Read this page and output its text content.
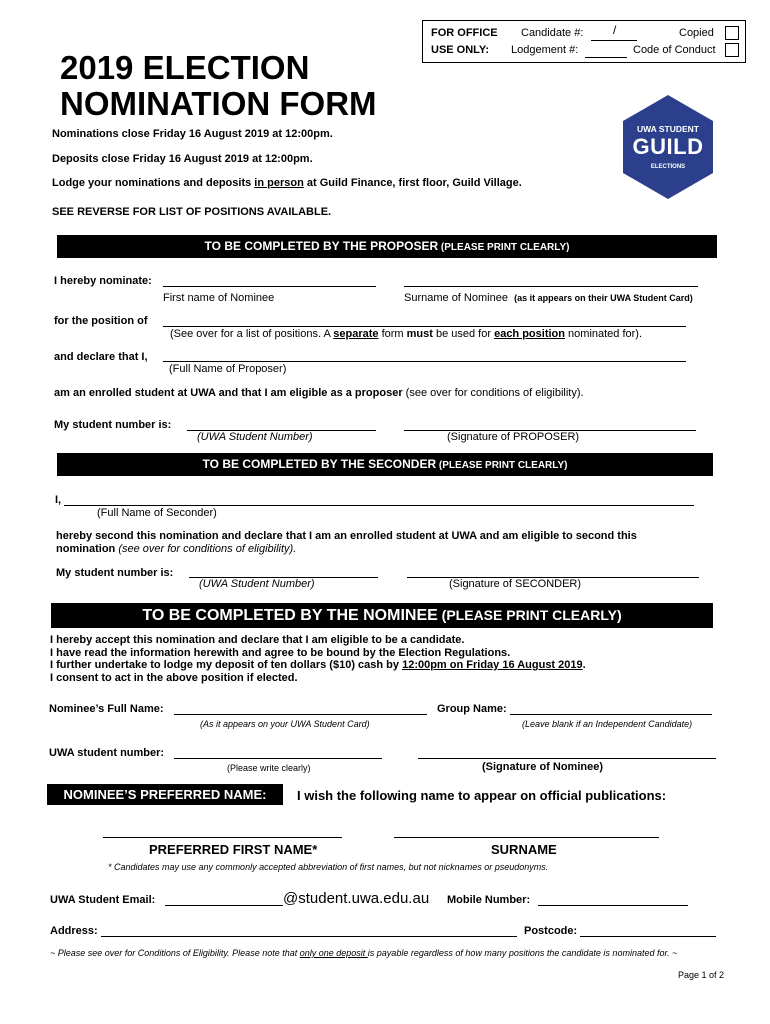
FOR OFFICE
USE ONLY:
Candidate #: /	Copied
Lodgement #:	Code of Conduct
2019 ELECTION
NOMINATION FORM
UWA STUDENT
GUILD
ELECTIONS
Nominations close Friday 16 August 2019 at 12:00pm.
Deposits close Friday 16 August 2019 at 12:00pm.
Lodge your nominations and deposits in person at Guild Finance, first floor, Guild Village.
SEE REVERSE FOR LIST OF POSITIONS AVAILABLE.
TO BE COMPLETED BY THE PROPOSER (PLEASE PRINT CLEARLY)
I hereby nominate:
First name of Nominee	Surname of Nominee (as it appears on their UWA Student Card)
for the position of
(See over for a list of positions. A separate form must be used for each position nominated for).
and declare that I,
(Full Name of Proposer)
am an enrolled student at UWA and that I am eligible as a proposer (see over for conditions of eligibility).
My student number is:
(UWA Student Number)	(Signature of PROPOSER)
TO BE COMPLETED BY THE SECONDER (PLEASE PRINT CLEARLY)
I,
(Full Name of Seconder)
hereby second this nomination and declare that I am an enrolled student at UWA and am eligible to second this
nomination (see over for conditions of eligibility).
My student number is:
(UWA Student Number)	(Signature of SECONDER)
TO BE COMPLETED BY THE NOMINEE (PLEASE PRINT CLEARLY)
I hereby accept this nomination and declare that I am eligible to be a candidate.
I have read the information herewith and agree to be bound by the Election Regulations.
I further undertake to lodge my deposit of ten dollars ($10) cash by 12:00pm on Friday 16 August 2019.
I consent to act in the above position if elected.
Nominee’s Full Name:	Group Name:
(As it appears on your UWA Student Card)	(Leave blank if an Independent Candidate)
UWA student number:
(Please write clearly)	(Signature of Nominee)
NOMINEE’S PREFERRED NAME:	I wish the following name to appear on official publications:
PREFERRED FIRST NAME*	SURNAME
* Candidates may use any commonly accepted abbreviation of first names, but not nicknames or pseudonyms.
UWA Student Email:	@student.uwa.edu.au Mobile Number:
Address:	Postcode:
~ Please see over for Conditions of Eligibility. Please note that only one deposit is payable regardless of how many positions the candidate is nominated for. ~
Page 1 of 2
